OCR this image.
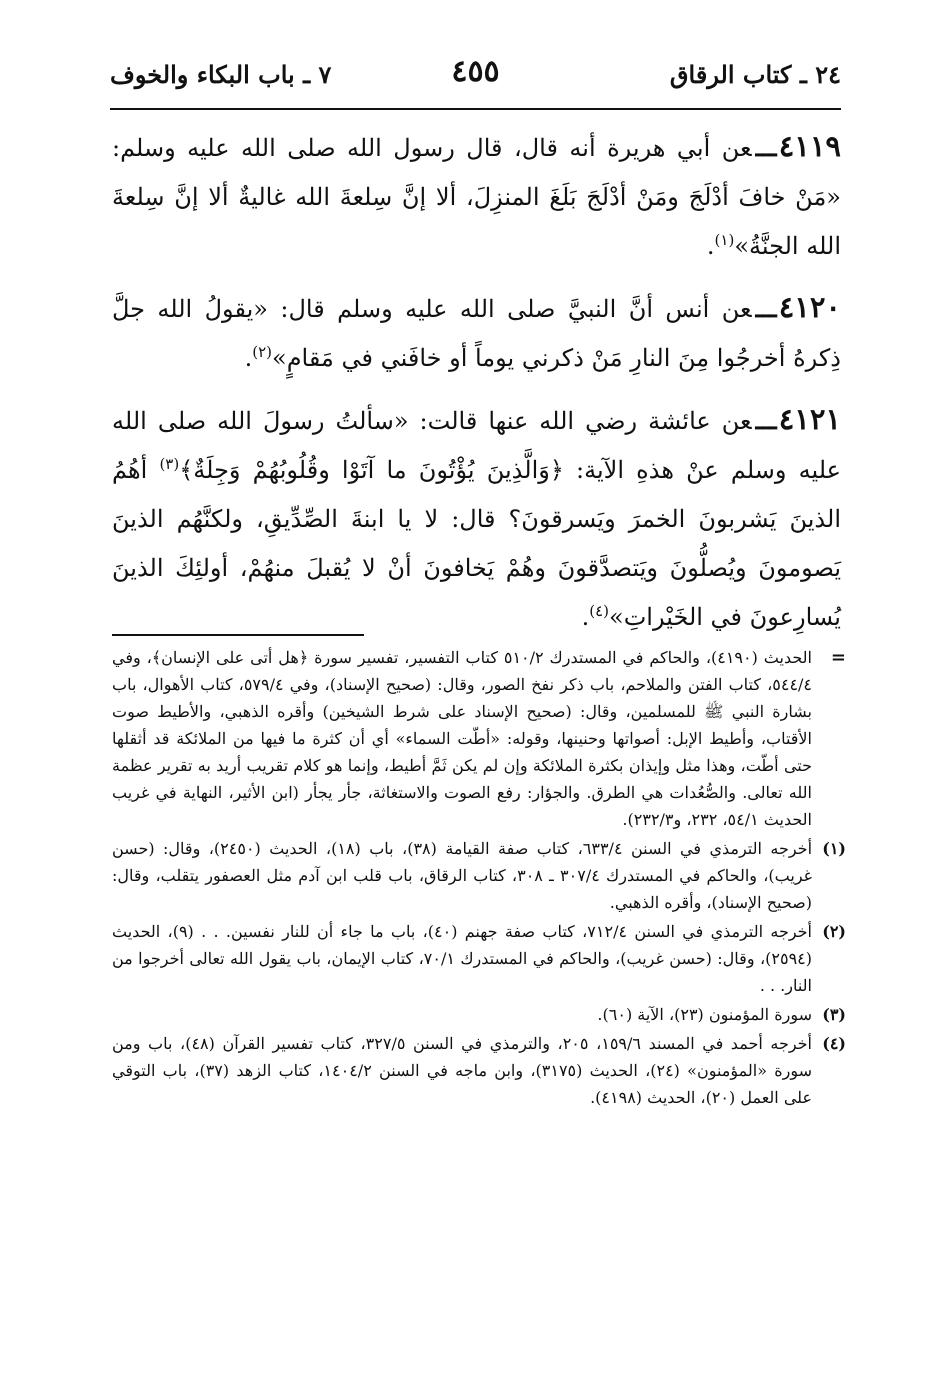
٢٤ ـ كتاب الرقاق
٤٥٥
٧ ـ باب البكاء والخوف

٤١١٩ـــعن أبي هريرة أنه قال، قال رسول الله صلى الله عليه وسلم: «مَنْ خافَ أدْلَجَ ومَنْ أدْلَجَ بَلَغَ المنزِلَ، ألا إنَّ سِلعةَ الله غاليةٌ ألا إنَّ سِلعةَ الله الجنَّةُ»$^{(١)}$.

٤١٢٠ـــعن أنس أنَّ النبيَّ صلى الله عليه وسلم قال: «يقولُ الله جلَّ ذِكرهُ أخرجُوا مِنَ النارِ مَنْ ذكرني يوماً أو خافَني في مَقامٍ»$^{(٢)}$.

٤١٢١ـــعن عائشة رضي الله عنها قالت: «سألتُ رسولَ الله صلى الله عليه وسلم عنْ هذهِ الآية: ﴿وَالَّذِينَ يُؤْتُونَ ما آتَوْا وقُلُوبُهُمْ وَجِلَةٌ﴾$^{(٣)}$ أهُمُ الذينَ يَشربونَ الخمرَ ويَسرقونَ؟ قال: لا يا ابنةَ الصِّدِّيقِ، ولكنَّهُم الذينَ يَصومونَ ويُصلُّونَ ويَتصدَّقونَ وهُمْ يَخافونَ أنْ لا يُقبلَ منهُمْ، أولئِكَ الذينَ يُسارِعونَ في الخَيْراتِ»$^{(٤)}$.

=
الحديث (٤١٩٠)، والحاكم في المستدرك ٥١٠/٢ كتاب التفسير، تفسير سورة ﴿هل أتى على الإنسان﴾، وفي ٥٤٤/٤، كتاب الفتن والملاحم، باب ذكر نفخ الصور، وقال: (صحيح الإسناد)، وفي ٥٧٩/٤، كتاب الأهوال، باب بشارة النبي ﷺ للمسلمين، وقال: (صحيح الإسناد على شرط الشيخين) وأقره الذهبي، والأطيط صوت الأقتاب، وأطيط الإبل: أصواتها وحنينها، وقوله: «أطّت السماء» أي أن كثرة ما فيها من الملائكة قد أثقلها حتى أطّت، وهذا مثل وإيذان بكثرة الملائكة وإن لم يكن ثَمَّ أطيط، وإنما هو كلام تقريب أريد به تقرير عظمة الله تعالى. والصُّعُدات هي الطرق. والجؤار: رفع الصوت والاستغاثة، جأر يجأر (ابن الأثير، النهاية في غريب الحديث ٥٤/١، ٢٣٢، و٢٣٢/٣).

(١)
أخرجه الترمذي في السنن ٦٣٣/٤، كتاب صفة القيامة (٣٨)، باب (١٨)، الحديث (٢٤٥٠)، وقال: (حسن غريب)، والحاكم في المستدرك ٣٠٧/٤ ـ ٣٠٨، كتاب الرقاق، باب قلب ابن آدم مثل العصفور يتقلب، وقال: (صحيح الإسناد)، وأقره الذهبي.

(٢)
أخرجه الترمذي في السنن ٧١٢/٤، كتاب صفة جهنم (٤٠)، باب ما جاء أن للنار نفسين. . . (٩)، الحديث (٢٥٩٤)، وقال: (حسن غريب)، والحاكم في المستدرك ٧٠/١، كتاب الإيمان، باب يقول الله تعالى أخرجوا من النار. . .

(٣)
سورة المؤمنون (٢٣)، الآية (٦٠).

(٤)
أخرجه أحمد في المسند ١٥٩/٦، ٢٠٥، والترمذي في السنن ٣٢٧/٥، كتاب تفسير القرآن (٤٨)، باب ومن سورة «المؤمنون» (٢٤)، الحديث (٣١٧٥)، وابن ماجه في السنن ١٤٠٤/٢، كتاب الزهد (٣٧)، باب التوقي على العمل (٢٠)، الحديث (٤١٩٨).
